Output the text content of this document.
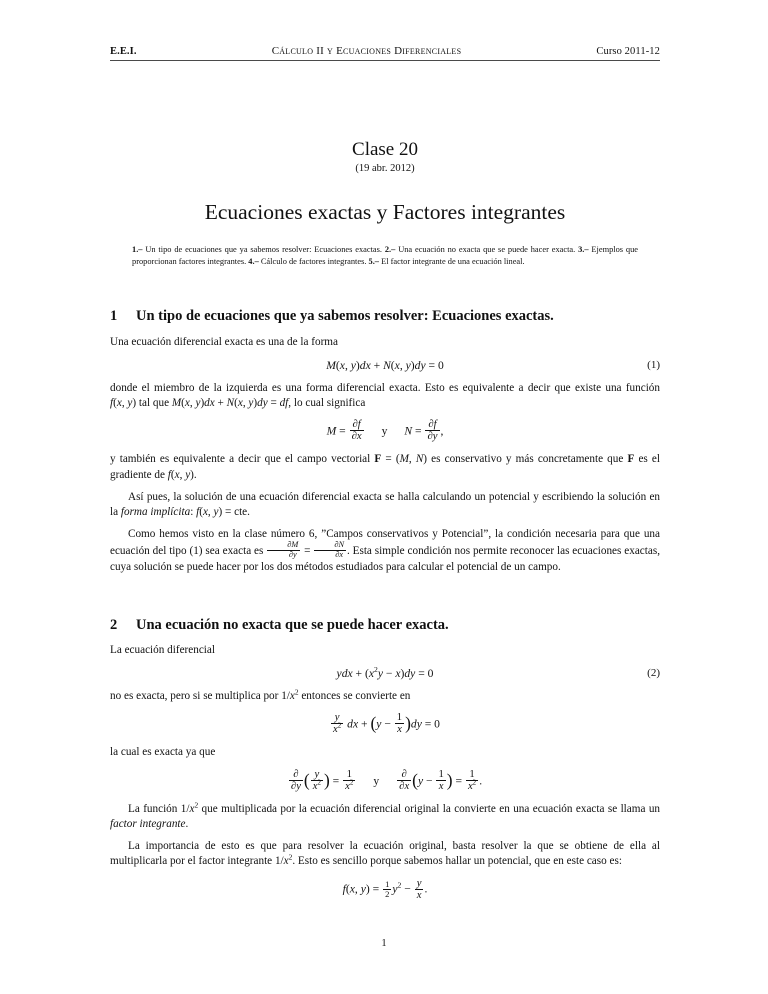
E.E.I.	Cálculo II y Ecuaciones Diferenciales	Curso 2011-12
Clase 20
(19 abr. 2012)
Ecuaciones exactas y Factores integrantes
1.– Un tipo de ecuaciones que ya sabemos resolver: Ecuaciones exactas. 2.– Una ecuación no exacta que se puede hacer exacta. 3.– Ejemplos que proporcionan factores integrantes. 4.– Cálculo de factores integrantes. 5.– El factor integrante de una ecuación lineal.
1	Un tipo de ecuaciones que ya sabemos resolver: Ecuaciones exactas.

Una ecuación diferencial exacta es una de la forma

M(x, y)dx + N(x, y)dy = 0	(1)

donde el miembro de la izquierda es una forma diferencial exacta. Esto es equivalente a decir que existe una función f(x, y) tal que M(x, y)dx + N(x, y)dy = df, lo cual significa

$M = \frac{\partial f}{\partial x}$ y $N = \frac{\partial f}{\partial y}$ ,

y también es equivalente a decir que el campo vectorial F = (M, N) es conservativo y más concretamente que F es el gradiente de f(x, y).

Así pues, la solución de una ecuación diferencial exacta se halla calculando un potencial y escribiendo la solución en la forma implícita: f(x, y) = cte.

Como hemos visto en la clase número 6, ”Campos conservativos y Potencial”, la condición necesaria para que una ecuación del tipo (1) sea exacta es $\frac{\partial M}{\partial y} = \frac{\partial N}{\partial x}$ . Esta simple condición nos permite reconocer las ecuaciones exactas, cuya solución se puede hacer por los dos métodos estudiados para calcular el potencial de un campo.

2	Una ecuación no exacta que se puede hacer exacta.

La ecuación diferencial

ydx + $(x^2y - x)dy = 0$	(2)

no es exacta, pero si se multiplica por $1/x^2$ entonces se convierte en

$\frac{y}{x^2}$ dx + $(y - \frac{1}{x} )dy = 0$

la cual es exacta ya que

$\frac{\partial}{\partial y}$ ( $\frac{y}{x^2}$ ) = $\frac{1}{x^2}$ y $\frac{\partial}{\partial x} (y - \frac{1}{x}$ ) = $\frac{1}{x^2}$ .

La función $1/x^2$ que multiplicada por la ecuación diferencial original la convierte en una ecuación exacta se llama un factor integrante.

La importancia de esto es que para resolver la ecuación original, basta resolver la que se obtiene de ella al multiplicarla por el factor integrante $1/x^2$. Esto es sencillo porque sabemos hallar un potencial, que en este caso es:

f(x, $y) = \frac{1}{2} y^2 - \frac{y}{x}$ .
1
